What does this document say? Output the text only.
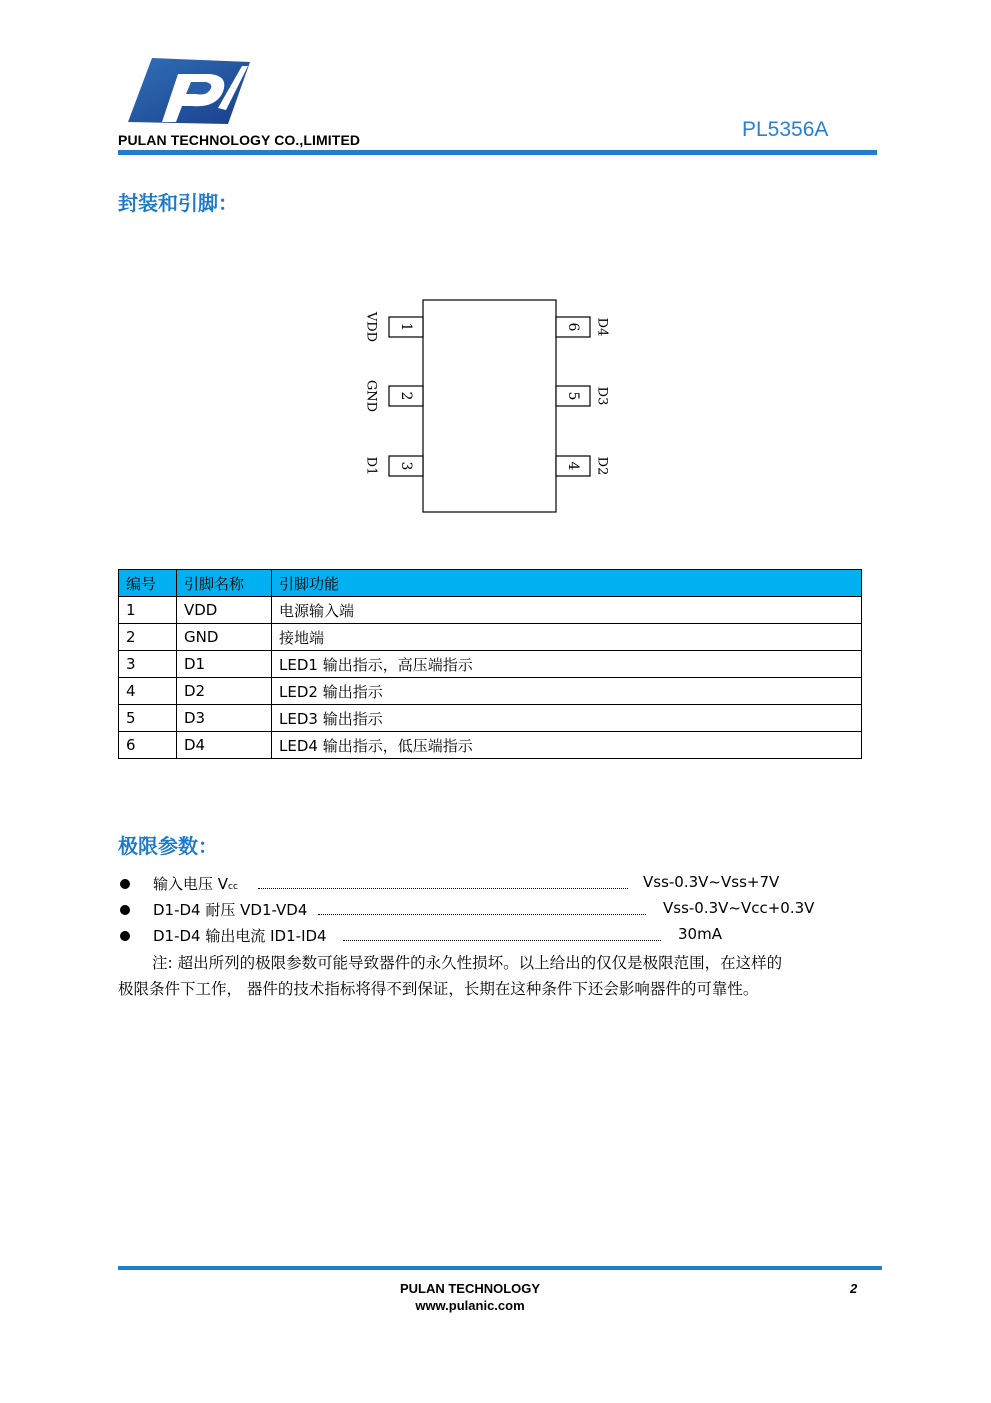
PULAN TECHNOLOGY CO.,LIMITED	PL5356A
封装和引脚：
1
VDD
2
GND
3
D1
6 D4
5 D3
4 D2
编号	引脚名称	引脚功能
1	VDD	电源输入端
2	GND	接地端
3	D1	LED1 输出指示，高压端指示
4	D2	LED2 输出指示
5	D3	LED3 输出指示
6	D4	LED4 输出指示，低压端指示
极限参数：
输入电压 Vcc	Vss-0.3V~Vss+7V
D1-D4 耐压 VD1-VD4	Vss-0.3V~Vcc+0.3V
D1-D4 输出电流 ID1-ID4	30mA
注: 超出所列的极限参数可能导致器件的永久性损坏。以上给出的仅仅是极限范围，在这样的
极限条件下工作， 器件的技术指标将得不到保证，长期在这种条件下还会影响器件的可靠性。
PULAN TECHNOLOGY
www.pulanic.com
2
